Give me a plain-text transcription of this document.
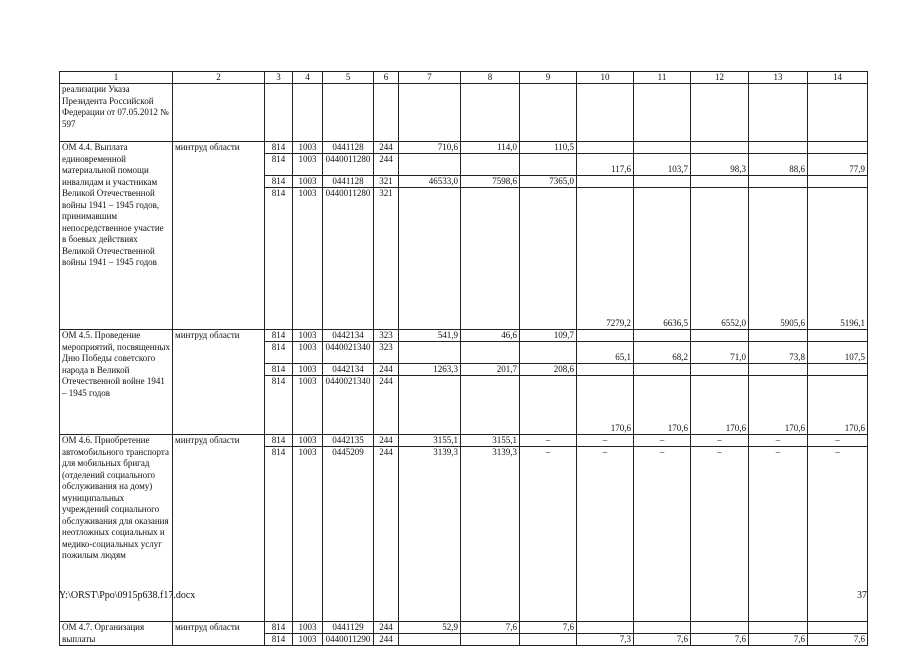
1	2	3	4	5	6	7	8	9	10	11	12	13	14
реализации Указа Президента Российской Федерации от 07.05.2012 № 597													
ОМ 4.4. Выплата единовременной материальной помощи инвалидам и участникам Великой Отечественной войны 1941 – 1945 годов, принимавшим непосредственное участие в боевых действиях Великой Отечественной войны 1941 – 1945 годов	минтруд области	814	1003	0441128	244	710,6	114,0	110,5					
		814	1003	0440011280	244				117,6	103,7	98,3	88,6	77,9
		814	1003	0441128	321	46533,0	7598,6	7365,0					
		814	1003	0440011280	321				7279,2	6636,5	6552,0	5905,6	5196,1
ОМ 4.5. Проведение мероприятий, посвященных Дню Победы советского народа в Великой Отечественной войне 1941 – 1945 годов	минтруд области	814	1003	0442134	323	541,9	46,6	109,7					
		814	1003	0440021340	323				65,1	68,2	71,0	73,8	107,5
		814	1003	0442134	244	1263,3	201,7	208,6					
		814	1003	0440021340	244				170,6	170,6	170,6	170,6	170,6
ОМ 4.6. Приобретение автомобильного транспорта для мобильных бригад (отделений социального обслуживания на дому) муниципальных учреждений социального обслуживания для оказания неотложных социальных и медико-социальных услуг пожилым людям	минтруд области	814	1003	0442135	244	3155,1	3155,1	–	–	–	–	–	–
		814	1003	0445209	244	3139,3	3139,3	–	–	–	–	–	–
ОМ 4.7. Организация выплаты	минтруд области	814	1003	0441129	244	52,9	7,6	7,6					
		814	1003	0440011290	244				7,3	7,6	7,6	7,6	7,6
Y:\ORST\Ppo\0915p638.f17.docx	37
